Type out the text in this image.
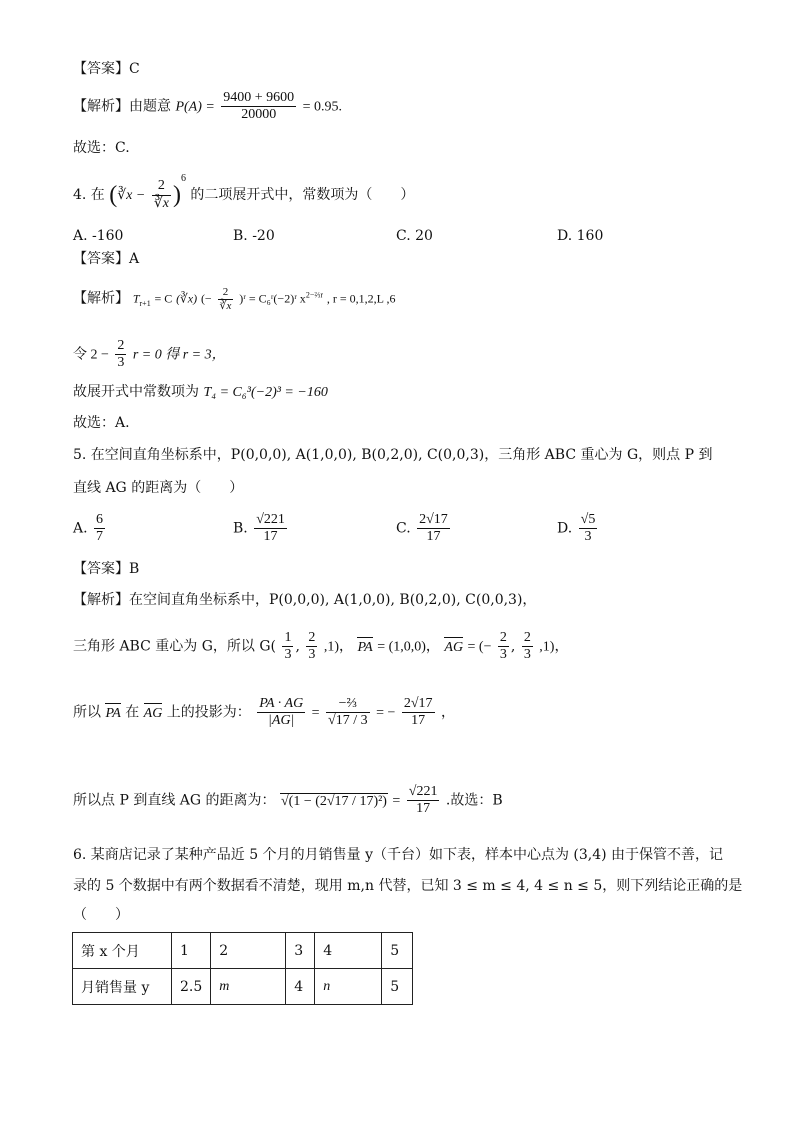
【答案】C
【解析】由题意 $P(A) = \frac{9400 + 9600}{20000} = 0.95$.
故选：C.
4. 在 (∛x − $\frac{2}{∛x} )^6$ 的二项展开式中，常数项为（　　）
A. -160	B. -20	C. 20	D. 160
【答案】A
【解析】 $T_{r+1} = C$ (∛x) (− $\frac{2}{∛x}$ )ʳ = C₆ʳ(−2)ʳ $x^{2-\frac{2}{3}r}$ , r = 0,1,2,L ,6
令 $2 - \frac{2}{3}$ r = 0 得 r = 3，
故展开式中常数项为 T₄ = C₆³(−2)³ = −160
故选：A.
5. 在空间直角坐标系中，P(0,0,0), A(1,0,0), B(0,2,0), C(0,0,3)，三角形 ABC 重心为 G，则点 P 到
直线 AG 的距离为（　　）
A. $\frac{6}{7}$	B. $\frac{√221}{17}$	C. $\frac{2√17}{17}$	D. $\frac{√5}{3}$
【答案】B
【解析】在空间直角坐标系中，P(0,0,0), A(1,0,0), B(0,2,0), C(0,0,3)，
三角形 ABC 重心为 G，所以 $G( \frac{1}{3}$ , $\frac{2}{3} ,1$)， PA = (1,0,0)， AG = (− $\frac{2}{3}$ , $\frac{2}{3} ,1$)，
所以 PA 在 AG 上的投影为： $\frac{PA \cdot AG}{|AG|} = \frac{\text{−⅔}}{√17 / 3}$ = − $\frac{2√17}{17}$ ，
所以点 P 到直线 AG 的距离为： $√(1 - (2√17 / 17)^2) = \frac{√221}{17}$ .故选：B
6. 某商店记录了某种产品近 5 个月的月销售量 y（千台）如下表，样本中心点为 (3,4) 由于保管不善，记
录的 5 个数据中有两个数据看不清楚，现用 m,n 代替，已知 3 ≤ m ≤ 4, 4 ≤ n ≤ 5，则下列结论正确的是
（　　）
第 x 个月	1	2	3	4	5
月销售量 y	2.5	m	4	n	5
